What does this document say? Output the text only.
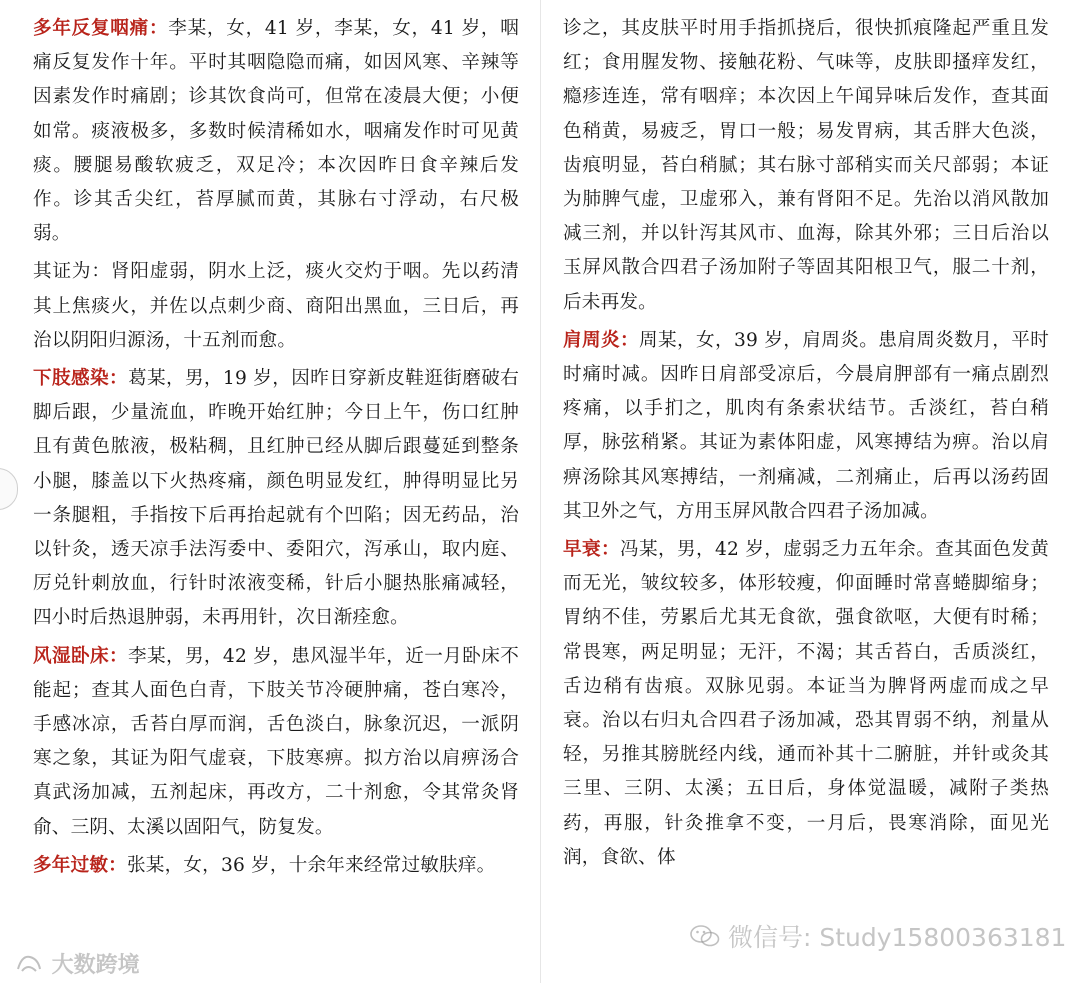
多年反复咽痛：李某，女，41 岁，李某，女，41 岁，咽痛反复发作十年。平时其咽隐隐而痛，如因风寒、辛辣等因素发作时痛剧；诊其饮食尚可，但常在凌晨大便；小便如常。痰液极多，多数时候清稀如水，咽痛发作时可见黄痰。腰腿易酸软疲乏，双足冷；本次因昨日食辛辣后发作。诊其舌尖红，苔厚腻而黄，其脉右寸浮动，右尺极弱。

其证为：肾阳虚弱，阴水上泛，痰火交灼于咽。先以药清其上焦痰火，并佐以点刺少商、商阳出黑血，三日后，再治以阴阳归源汤，十五剂而愈。

下肢感染：葛某，男，19 岁，因昨日穿新皮鞋逛街磨破右脚后跟，少量流血，昨晚开始红肿；今日上午，伤口红肿且有黄色脓液，极粘稠，且红肿已经从脚后跟蔓延到整条小腿，膝盖以下火热疼痛，颜色明显发红，肿得明显比另一条腿粗，手指按下后再抬起就有个凹陷；因无药品，治以针灸，透天凉手法泻委中、委阳穴，泻承山，取内庭、厉兑针刺放血，行针时浓液变稀，针后小腿热胀痛减轻，四小时后热退肿弱，未再用针，次日渐痊愈。

风湿卧床：李某，男，42 岁，患风湿半年，近一月卧床不能起；查其人面色白青，下肢关节冷硬肿痛，苍白寒冷，手感冰凉，舌苔白厚而润，舌色淡白，脉象沉迟，一派阴寒之象，其证为阳气虚衰，下肢寒痹。拟方治以肩痹汤合真武汤加减，五剂起床，再改方，二十剂愈，令其常灸肾俞、三阴、太溪以固阳气，防复发。

多年过敏：张某，女，36 岁，十余年来经常过敏肤痒。

诊之，其皮肤平时用手指抓挠后，很快抓痕隆起严重且发红；食用腥发物、接触花粉、气味等，皮肤即搔痒发红，瘾疹连连，常有咽痒；本次因上午闻异味后发作，查其面色稍黄，易疲乏，胃口一般；易发胃病，其舌胖大色淡，齿痕明显，苔白稍腻；其右脉寸部稍实而关尺部弱；本证为肺脾气虚，卫虚邪入，兼有肾阳不足。先治以消风散加减三剂，并以针泻其风市、血海，除其外邪；三日后治以玉屏风散合四君子汤加附子等固其阳根卫气，服二十剂，后未再发。

肩周炎：周某，女，39 岁，肩周炎。患肩周炎数月，平时时痛时减。因昨日肩部受凉后，今晨肩胛部有一痛点剧烈疼痛，以手扪之，肌肉有条索状结节。舌淡红，苔白稍厚，脉弦稍紧。其证为素体阳虚，风寒搏结为痹。治以肩痹汤除其风寒搏结，一剂痛减，二剂痛止，后再以汤药固其卫外之气，方用玉屏风散合四君子汤加减。

早衰：冯某，男，42 岁，虚弱乏力五年余。查其面色发黄而无光，皱纹较多，体形较瘦，仰面睡时常喜蜷脚缩身；胃纳不佳，劳累后尤其无食欲，强食欲呕，大便有时稀；常畏寒，两足明显；无汗，不渴；其舌苔白，舌质淡红，舌边稍有齿痕。双脉见弱。本证当为脾肾两虚而成之早衰。治以右归丸合四君子汤加减，恐其胃弱不纳，剂量从轻，另推其膀胱经内线，通而补其十二腑脏，并针或灸其三里、三阴、太溪；五日后，身体觉温暖，减附子类热药，再服，针灸推拿不变，一月后，畏寒消除，面见光润，食欲、体

微信号: Study15800363181
大数跨境
